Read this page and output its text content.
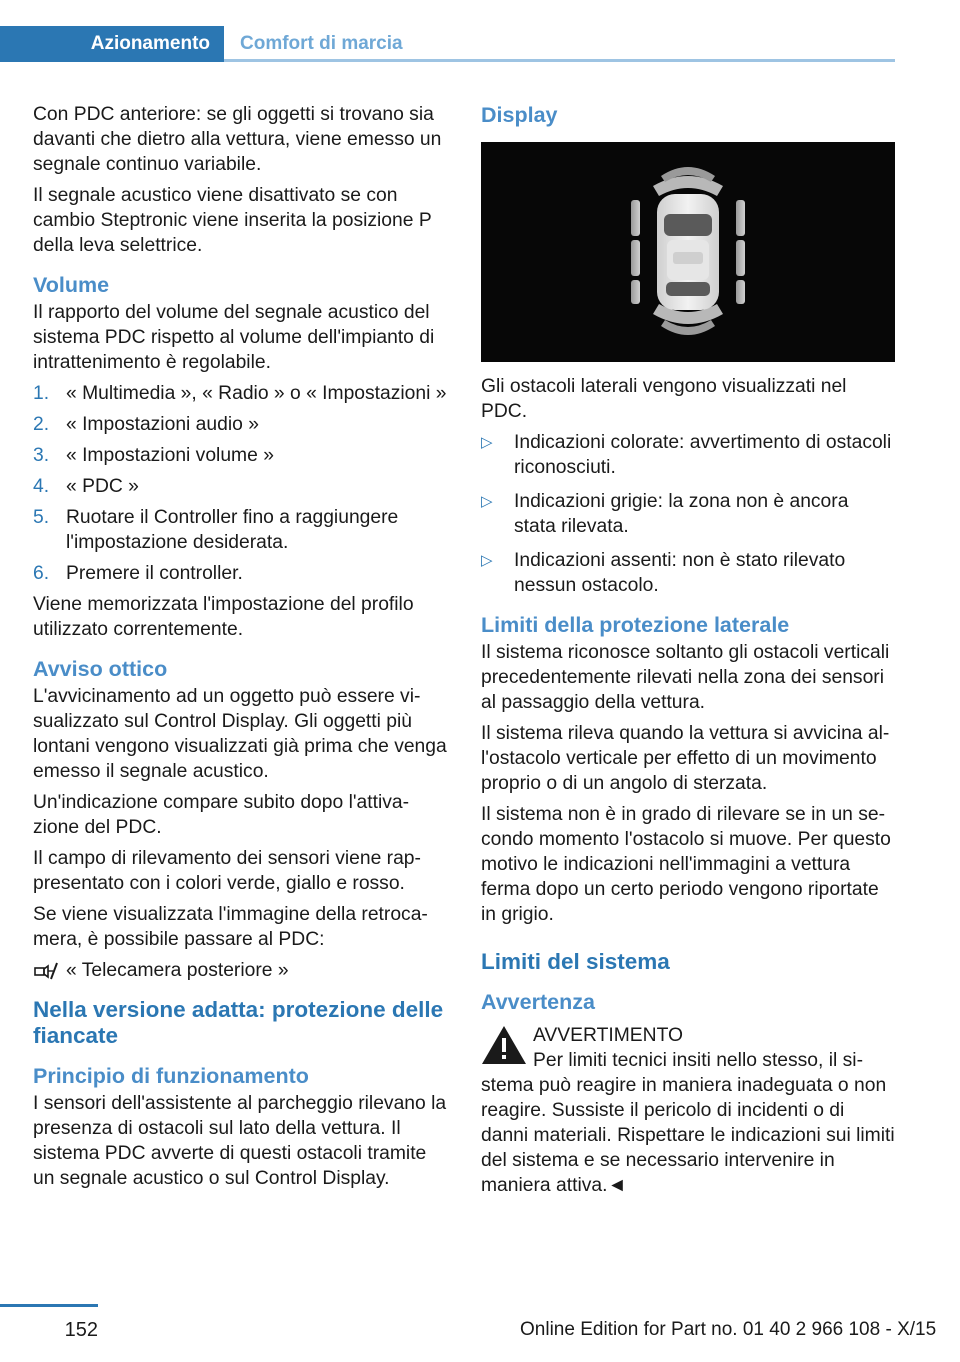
Azionamento	Comfort di marcia

Con PDC anteriore: se gli oggetti si trovano sia davanti che dietro alla vettura, viene emesso un segnale continuo variabile.

Il segnale acustico viene disattivato se con cambio Steptronic viene inserita la posizione P della leva selettrice.

Volume

Il rapporto del volume del segnale acustico del sistema PDC rispetto al volume dell'impianto di intrattenimento è regolabile.

1. « Multimedia », « Radio » o « Impostazioni »
2. « Impostazioni audio »
3. « Impostazioni volume »
4. « PDC »
5. Ruotare il Controller fino a raggiungere l'impostazione desiderata.
6. Premere il controller.

Viene memorizzata l'impostazione del profilo utilizzato correntemente.

Avviso ottico

L'avvicinamento ad un oggetto può essere visualizzato sul Control Display. Gli oggetti più lontani vengono visualizzati già prima che venga emesso il segnale acustico.

Un'indicazione compare subito dopo l'attivazione del PDC.

Il campo di rilevamento dei sensori viene rappresentato con i colori verde, giallo e rosso.

Se viene visualizzata l'immagine della retrocamera, è possibile passare al PDC:

« Telecamera posteriore »
Nella versione adatta: protezione delle fiancate
Principio di funzionamento

I sensori dell'assistente al parcheggio rilevano la presenza di ostacoli sul lato della vettura. Il sistema PDC avverte di questi ostacoli tramite un segnale acustico o sul Control Display.

Display

Gli ostacoli laterali vengono visualizzati nel PDC.

▷	Indicazioni colorate: avvertimento di ostacoli riconosciuti.
▷	Indicazioni grigie: la zona non è ancora stata rilevata.
▷	Indicazioni assenti: non è stato rilevato nessun ostacolo.
Limiti della protezione laterale

Il sistema riconosce soltanto gli ostacoli verticali precedentemente rilevati nella zona dei sensori al passaggio della vettura.

Il sistema rileva quando la vettura si avvicina all'ostacolo verticale per effetto di un movimento proprio o di un angolo di sterzata.

Il sistema non è in grado di rilevare se in un secondo momento l'ostacolo si muove. Per questo motivo le indicazioni nell'immagini a vettura ferma dopo un certo periodo vengono riportate in grigio.

Limiti del sistema
Avvertenza
AVVERTIMENTO

Per limiti tecnici insiti nello stesso, il sistema può reagire in maniera inadeguata o non reagire. Sussiste il pericolo di incidenti o di danni materiali. Rispettare le indicazioni sui limiti del sistema e se necessario intervenire in maniera attiva.◄

152	Online Edition for Part no. 01 40 2 966 108 - X/15
